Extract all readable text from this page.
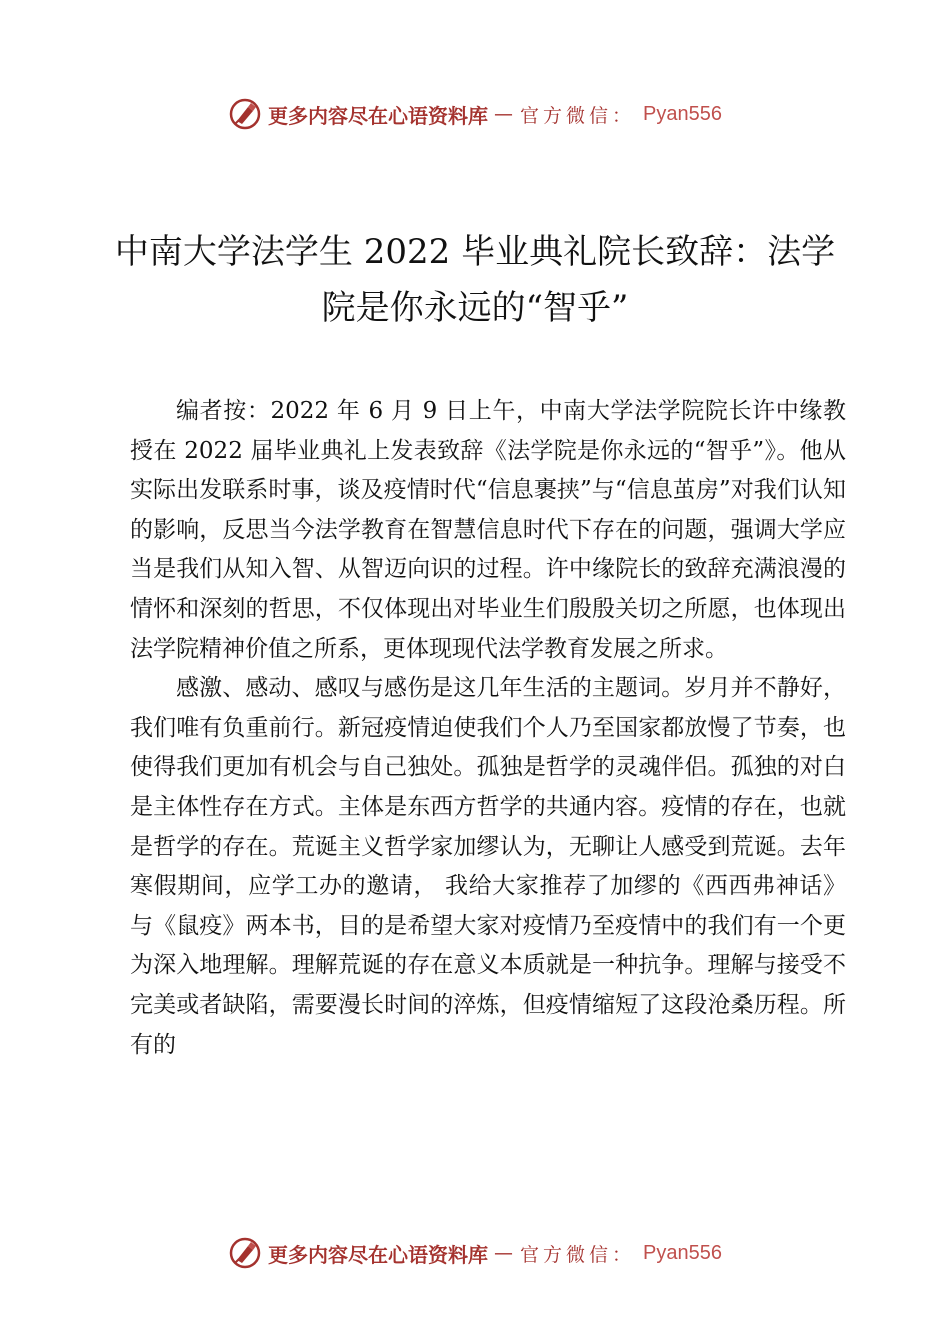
更多内容尽在心语资料库 — 官方微信： Pyan556
中南大学法学生 2022 毕业典礼院长致辞：法学院是你永远的“智乎”

编者按：2022 年 6 月 9 日上午，中南大学法学院院长许中缘教授在 2022 届毕业典礼上发表致辞《法学院是你永远的“智乎”》。他从实际出发联系时事，谈及疫情时代“信息裹挟”与“信息茧房”对我们认知的影响，反思当今法学教育在智慧信息时代下存在的问题，强调大学应当是我们从知入智、从智迈向识的过程。许中缘院长的致辞充满浪漫的情怀和深刻的哲思，不仅体现出对毕业生们殷殷关切之所愿，也体现出法学院精神价值之所系，更体现现代法学教育发展之所求。

感激、感动、感叹与感伤是这几年生活的主题词。岁月并不静好，我们唯有负重前行。新冠疫情迫使我们个人乃至国家都放慢了节奏，也使得我们更加有机会与自己独处。孤独是哲学的灵魂伴侣。孤独的对白是主体性存在方式。主体是东西方哲学的共通内容。疫情的存在，也就是哲学的存在。荒诞主义哲学家加缪认为，无聊让人感受到荒诞。去年寒假期间，应学工办的邀请， 我给大家推荐了加缪的《西西弗神话》与《鼠疫》两本书，目的是希望大家对疫情乃至疫情中的我们有一个更为深入地理解。理解荒诞的存在意义本质就是一种抗争。理解与接受不完美或者缺陷，需要漫长时间的淬炼，但疫情缩短了这段沧桑历程。所有的

更多内容尽在心语资料库 — 官方微信： Pyan556
